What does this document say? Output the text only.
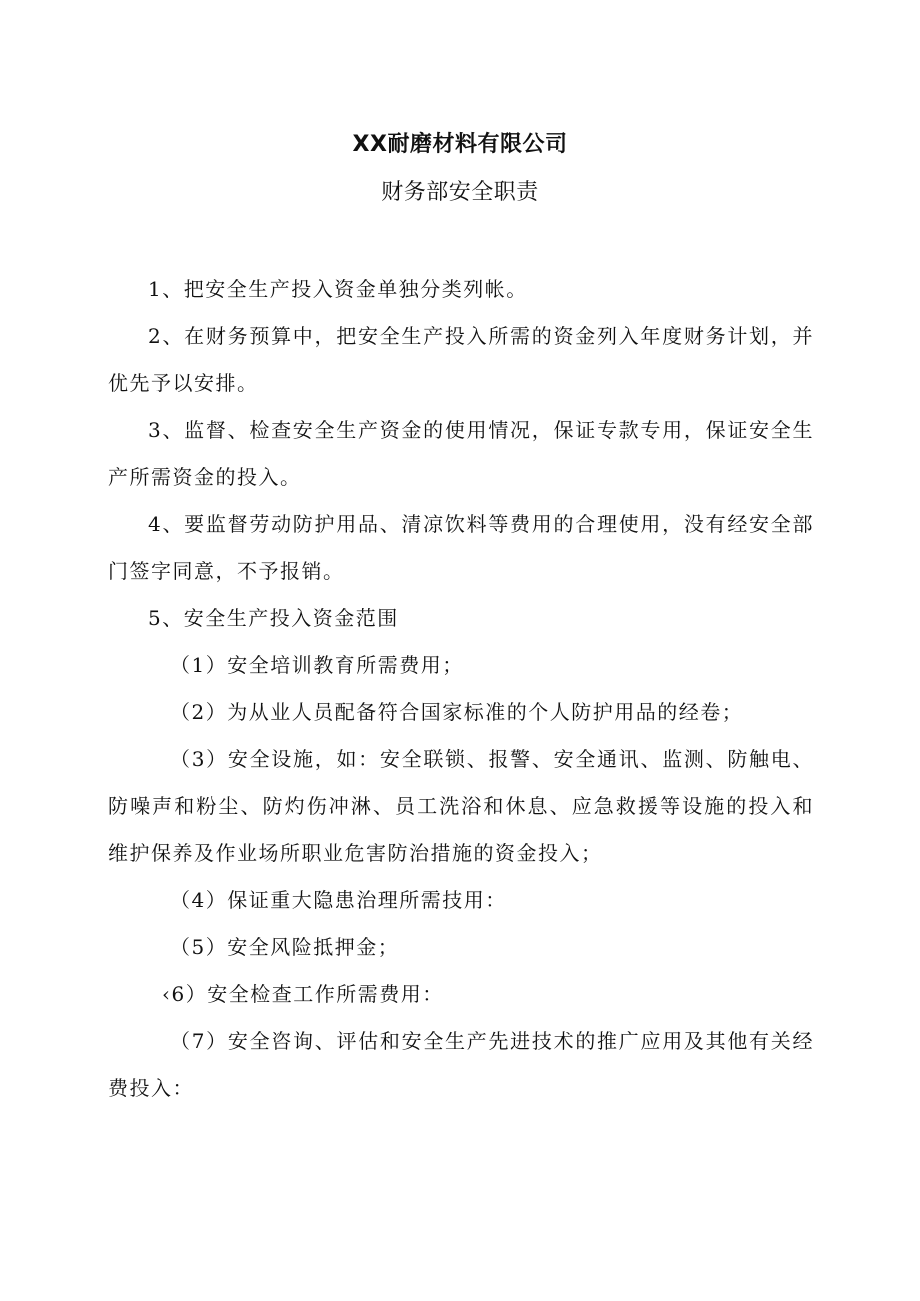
XX耐磨材料有限公司
财务部安全职责

1、把安全生产投入资金单独分类列帐。

2、在财务预算中，把安全生产投入所需的资金列入年度财务计划，并优先予以安排。

3、监督、检查安全生产资金的使用情况，保证专款专用，保证安全生产所需资金的投入。

4、要监督劳动防护用品、清凉饮料等费用的合理使用，没有经安全部门签字同意，不予报销。

5、安全生产投入资金范围

（1）安全培训教育所需费用；

（2）为从业人员配备符合国家标准的个人防护用品的经卷；

（3）安全设施，如：安全联锁、报警、安全通讯、监测、防触电、防噪声和粉尘、防灼伤冲淋、员工洗浴和休息、应急救援等设施的投入和维护保养及作业场所职业危害防治措施的资金投入；

（4）保证重大隐患治理所需技用：

（5）安全风险抵押金；

‹6）安全检查工作所需费用：

（7）安全咨询、评估和安全生产先进技术的推广应用及其他有关经费投入：
